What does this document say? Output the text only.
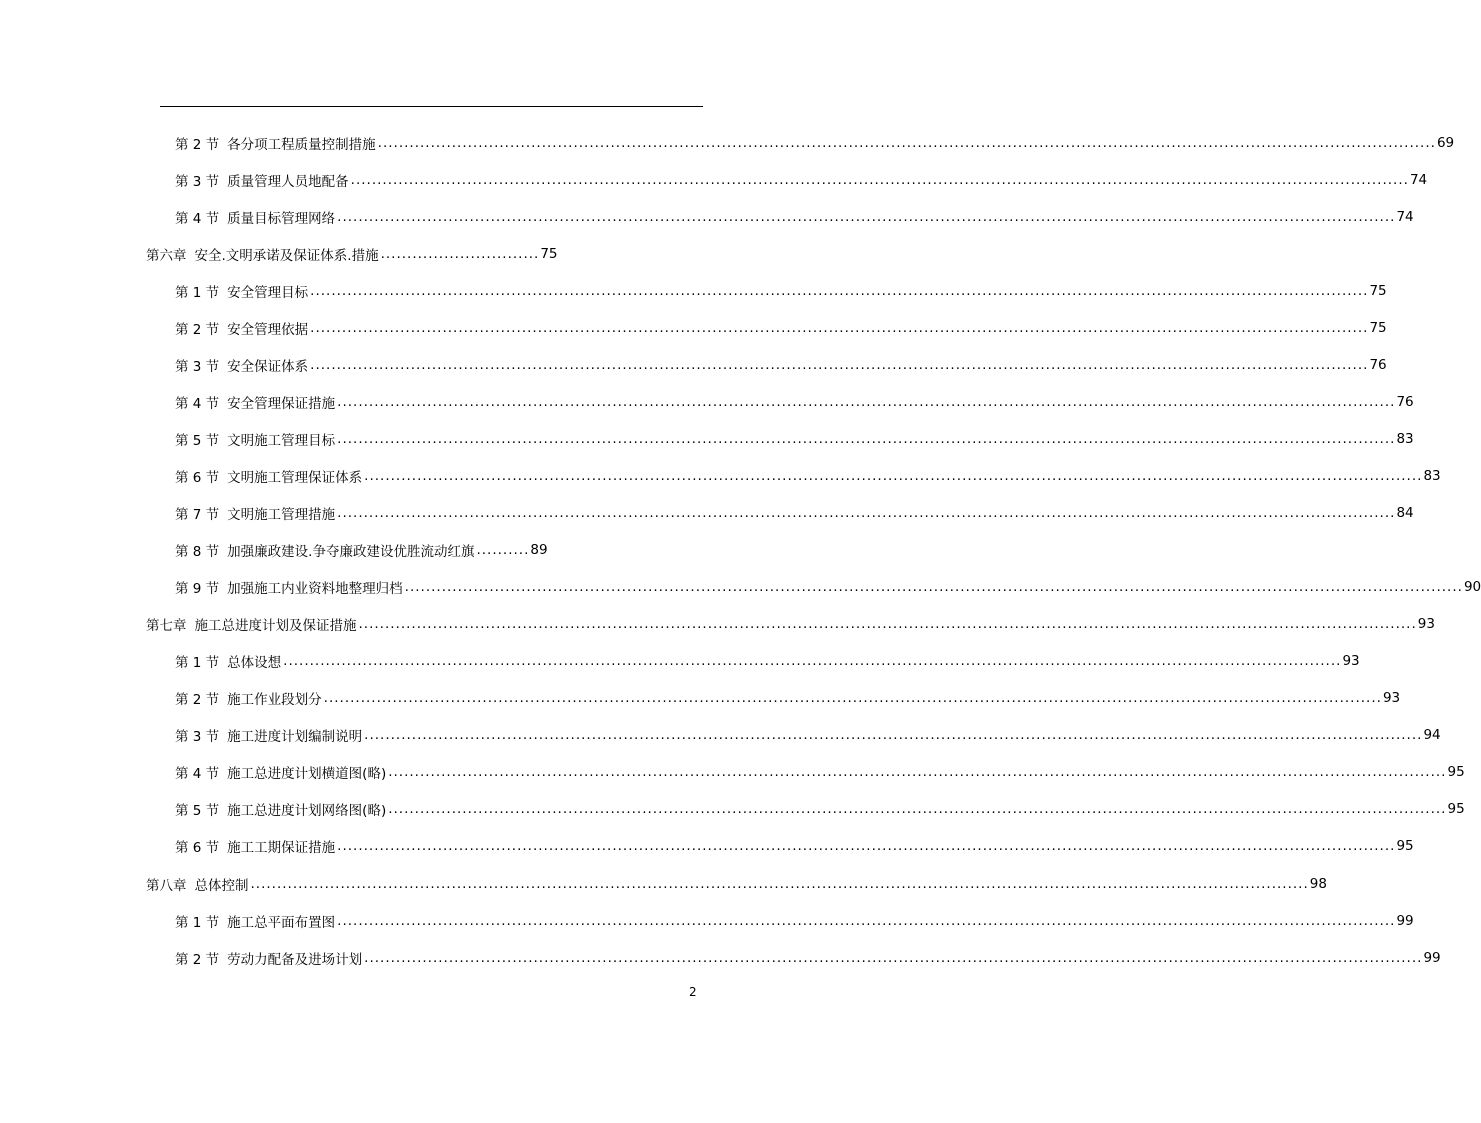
第 2 节 各分项工程质量控制措施 ........................................................................................................................................................................................................ 69
第 3 节 质量管理人员地配备 ........................................................................................................................................................................................................ 74
第 4 节 质量目标管理网络 ........................................................................................................................................................................................................ 74
第六章 安全.文明承诺及保证体系.措施 .............................. 75
第 1 节 安全管理目标 ........................................................................................................................................................................................................ 75
第 2 节 安全管理依据 ........................................................................................................................................................................................................ 75
第 3 节 安全保证体系 ........................................................................................................................................................................................................ 76
第 4 节 安全管理保证措施 ........................................................................................................................................................................................................ 76
第 5 节 文明施工管理目标 ........................................................................................................................................................................................................ 83
第 6 节 文明施工管理保证体系 ........................................................................................................................................................................................................ 83
第 7 节 文明施工管理措施 ........................................................................................................................................................................................................ 84
第 8 节 加强廉政建设.争夺廉政建设优胜流动红旗 .......... 89
第 9 节 加强施工内业资料地整理归档 ........................................................................................................................................................................................................ 90
第七章 施工总进度计划及保证措施 ........................................................................................................................................................................................................ 93
第 1 节 总体设想 ........................................................................................................................................................................................................ 93
第 2 节 施工作业段划分 ........................................................................................................................................................................................................ 93
第 3 节 施工进度计划编制说明 ........................................................................................................................................................................................................ 94
第 4 节 施工总进度计划横道图(略) ........................................................................................................................................................................................................ 95
第 5 节 施工总进度计划网络图(略) ........................................................................................................................................................................................................ 95
第 6 节 施工工期保证措施 ........................................................................................................................................................................................................ 95
第八章 总体控制 ........................................................................................................................................................................................................ 98
第 1 节 施工总平面布置图 ........................................................................................................................................................................................................ 99
第 2 节 劳动力配备及进场计划 ........................................................................................................................................................................................................ 99
2
